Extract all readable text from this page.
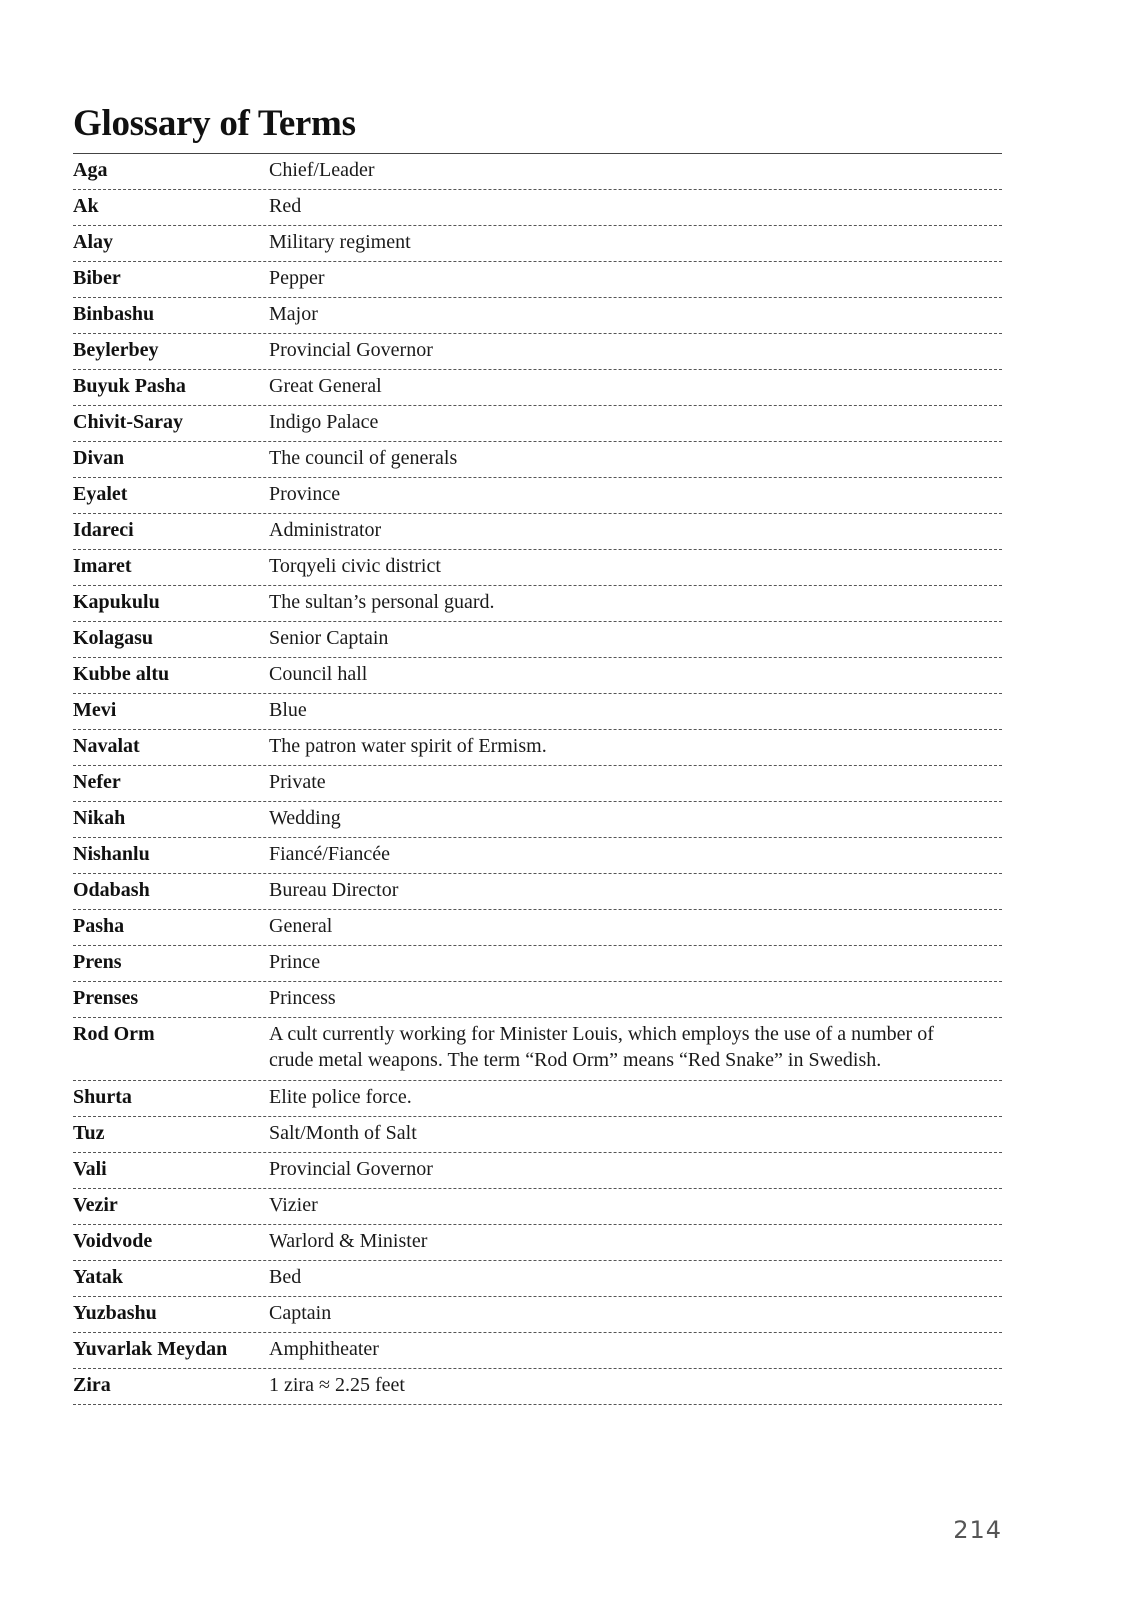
Glossary of Terms
Aga	Chief/Leader
Ak	Red
Alay	Military regiment
Biber	Pepper
Binbashu	Major
Beylerbey	Provincial Governor
Buyuk Pasha	Great General
Chivit-Saray	Indigo Palace
Divan	The council of generals
Eyalet	Province
Idareci	Administrator
Imaret	Torqyeli civic district
Kapukulu	The sultan’s personal guard.
Kolagasu	Senior Captain
Kubbe altu	Council hall
Mevi	Blue
Navalat	The patron water spirit of Ermism.
Nefer	Private
Nikah	Wedding
Nishanlu	Fiancé/Fiancée
Odabash	Bureau Director
Pasha	General
Prens	Prince
Prenses	Princess
Rod Orm	A cult currently working for Minister Louis, which employs the use of a number of crude metal weapons. The term “Rod Orm” means “Red Snake” in Swedish.
Shurta	Elite police force.
Tuz	Salt/Month of Salt
Vali	Provincial Governor
Vezir	Vizier
Voidvode	Warlord & Minister
Yatak	Bed
Yuzbashu	Captain
Yuvarlak Meydan	Amphitheater
Zira	1 zira ≈ 2.25 feet
214
